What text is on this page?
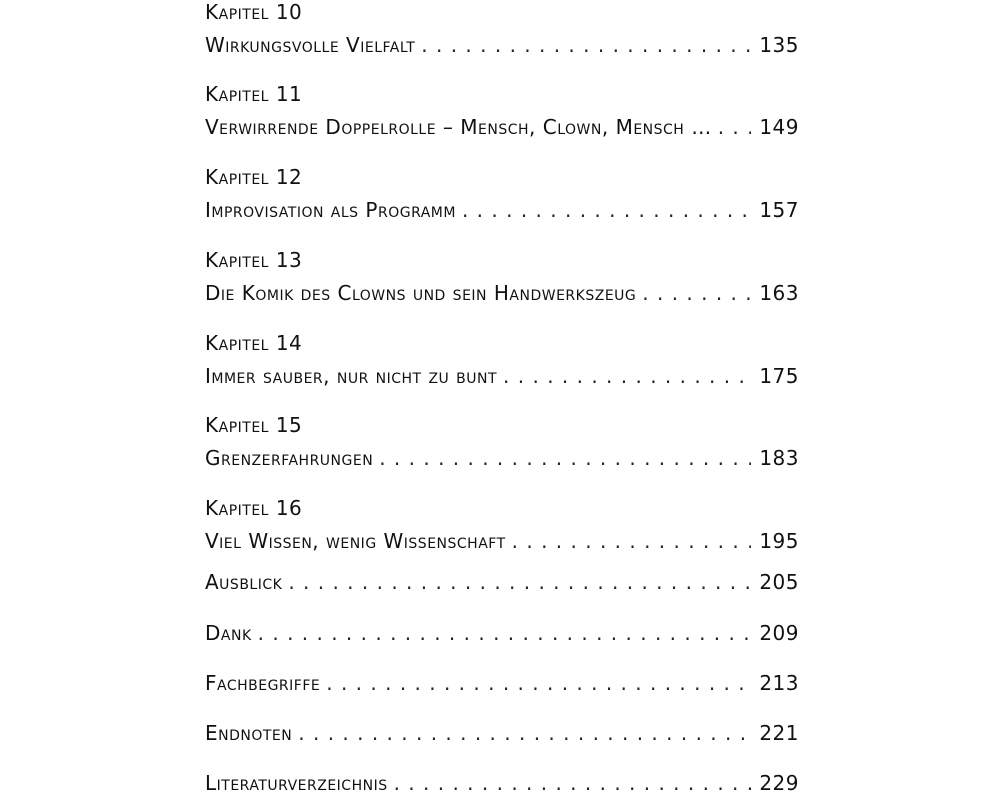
Kapitel 10
Wirkungsvolle Vielfalt . . .	135
Kapitel 11
Verwirrende Doppelrolle – Mensch, Clown, Mensch … . . . 149
Kapitel 12
Improvisation als Programm . . .	157
Kapitel 13
Die Komik des Clowns und sein Handwerkszeug . . .	163
Kapitel 14
Immer sauber, nur nicht zu bunt . . .	175
Kapitel 15
Grenzerfahrungen . . .	183
Kapitel 16
Viel Wissen, wenig Wissenschaft . . .	195
Ausblick . . .	205
Dank . . .	209
Fachbegriffe . . .	213
Endnoten . . .	221
Literaturverzeichnis . . .	229
